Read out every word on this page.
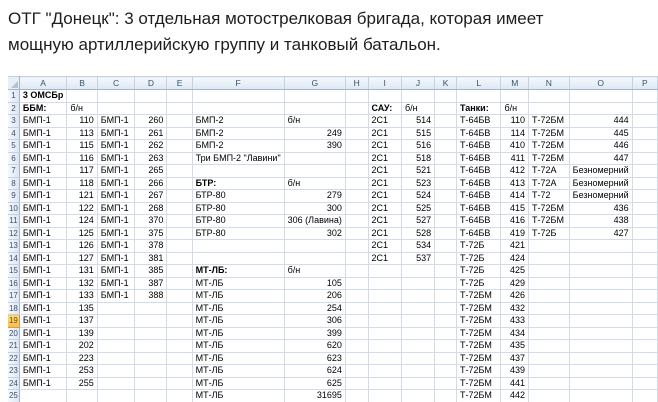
ОТГ "Донецк": 3 отдельная мотострелковая бригада, которая имеет
мощную артиллерийскую группу и танковый батальон.
	A	B	C	D	E	F	G	H	I	J	K	L	M	N	O	P
1	3 ОМСБр															
2	ББМ:	б/н							САУ:	б/н		Танки:	б/н			
3	БМП-1	110	БМП-1	260		БМП-2	б/н		2С1	514		Т-64БВ	110	Т-72БМ	444	
4	БМП-1	113	БМП-1	261		БМП-2	249		2С1	515		Т-64БВ	114	Т-72БМ	445	
5	БМП-1	115	БМП-1	262		БМП-2	390		2С1	516		Т-64БВ	410	Т-72БМ	446	
6	БМП-1	116	БМП-1	263		Три БМП-2 "Лавини"			2С1	518		Т-64БВ	411	Т-72БМ	447	
7	БМП-1	117	БМП-1	265					2С1	521		Т-64БВ	412	Т-72А	Безномерний	
8	БМП-1	118	БМП-1	266		БТР:	б/н		2С1	523		Т-64БВ	413	Т-72А	Безномерний	
9	БМП-1	121	БМП-1	267		БТР-80	279		2С1	524		Т-64БВ	414	Т-72	Безномерний	
10	БМП-1	122	БМП-1	268		БТР-80	300		2С1	525		Т-64БВ	415	Т-72БМ	436	
11	БМП-1	124	БМП-1	370		БТР-80	306 (Лавина)		2С1	527		Т-64БВ	416	Т-72БМ	438	
12	БМП-1	125	БМП-1	375		БТР-80	302		2С1	528		Т-64БВ	419	Т-72Б	427	
13	БМП-1	126	БМП-1	378					2С1	534		Т-72Б	421			
14	БМП-1	127	БМП-1	381					2С1	537		Т-72Б	424			
15	БМП-1	131	БМП-1	385		МТ-ЛБ:	б/н					Т-72Б	425			
16	БМП-1	132	БМП-1	387		МТ-ЛБ	105					Т-72Б	429			
17	БМП-1	133	БМП-1	388		МТ-ЛБ	206					Т-72БМ	426			
18	БМП-1	135				МТ-ЛБ	254					Т-72БМ	432			
19	БМП-1	137				МТ-ЛБ	306					Т-72БМ	433			
20	БМП-1	139				МТ-ЛБ	399					Т-72БМ	434			
21	БМП-1	202				МТ-ЛБ	620					Т-72БМ	435			
22	БМП-1	223				МТ-ЛБ	623					Т-72БМ	437			
23	БМП-1	253				МТ-ЛБ	624					Т-72БМ	439			
24	БМП-1	255				МТ-ЛБ	625					Т-72БМ	441			
25						МТ-ЛБ	31695					Т-72БМ	442			
